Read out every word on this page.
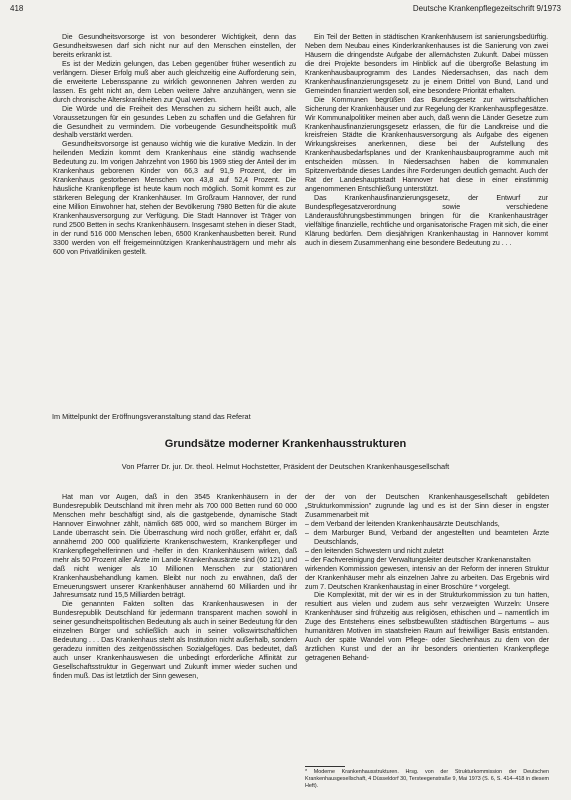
418	Deutsche Krankenpflegezeitschrift 9/1973

Die Gesundheitsvorsorge ist von besonderer Wichtigkeit, denn das Gesundheitswesen darf sich nicht nur auf den Menschen einstellen, der bereits erkrankt ist.

Es ist der Medizin gelungen, das Leben gegenüber früher wesentlich zu verlängern. Dieser Erfolg muß aber auch gleichzeitig eine Aufforderung sein, die erweiterte Lebensspanne zu wirklich gewonnenen Jahren werden zu lassen. Es geht nicht an, dem Leben weitere Jahre anzuhängen, wenn sie durch chronische Alterskrankheiten zur Qual werden.

Die Würde und die Freiheit des Menschen zu sichern heißt auch, alle Voraussetzungen für ein gesundes Leben zu schaffen und die Gefahren für die Gesundheit zu vermindern. Die vorbeugende Gesundheitspolitik muß deshalb verstärkt werden.

Gesundheitsvorsorge ist genauso wichtig wie die kurative Medizin. In der heilenden Medizin kommt dem Krankenhaus eine ständig wachsende Bedeutung zu. Im vorigen Jahrzehnt von 1960 bis 1969 stieg der Anteil der im Krankenhaus geborenen Kinder von 66,3 auf 91,9 Prozent, der im Krankenhaus gestorbenen Menschen von 43,8 auf 52,4 Prozent. Die häusliche Krankenpflege ist heute kaum noch möglich. Somit kommt es zur stärkeren Belegung der Krankenhäuser. Im Großraum Hannover, der rund eine Million Einwohner hat, stehen der Bevölkerung 7980 Betten für die akute Krankenhausversorgung zur Verfügung. Die Stadt Hannover ist Träger von rund 2500 Betten in sechs Krankenhäusern. Insgesamt stehen in dieser Stadt, in der rund 516 000 Menschen leben, 6500 Krankenhausbetten bereit. Rund 3300 werden von elf freigemeinnützigen Krankenhausträgern und mehr als 600 von Privatkliniken gestellt.

Ein Teil der Betten in städtischen Krankenhäusern ist sanierungsbedürftig. Neben dem Neubau eines Kinderkrankenhauses ist die Sanierung von zwei Häusern die dringendste Aufgabe der allernächsten Zukunft. Dabei müssen die drei Projekte besonders im Hinblick auf die übergroße Belastung im Krankenhausbauprogramm des Landes Niedersachsen, das nach dem Krankenhausfinanzierungsgesetz zu je einem Drittel von Bund, Land und Gemeinden finanziert werden soll, eine besondere Priorität erhalten.

Die Kommunen begrüßen das Bundesgesetz zur wirtschaftlichen Sicherung der Krankenhäuser und zur Regelung der Krankenhauspflegesätze. Wir Kommunalpolitiker meinen aber auch, daß wenn die Länder Gesetze zum Krankenhausfinanzierungsgesetz erlassen, die für die Landkreise und die kreisfreien Städte die Krankenhausversorgung als Aufgabe des eigenen Wirkungskreises anerkennen, diese bei der Aufstellung des Krankenhausbedarfsplanes und der Krankenhausbauprogramme auch mit entscheiden müssen. In Niedersachsen haben die kommunalen Spitzenverbände dieses Landes ihre Forderungen deutlich gemacht. Auch der Rat der Landeshauptstadt Hannover hat diese in einer einstimmig angenommenen Entschließung unterstützt.

Das Krankenhausfinanzierungsgesetz, der Entwurf zur Bundespflegesatzverordnung sowie verschiedene Länderausführungsbestimmungen bringen für die Krankenhausträger vielfältige finanzielle, rechtliche und organisatorische Fragen mit sich, die einer Klärung bedürfen. Dem diesjährigen Krankenhaustag in Hannover kommt auch in diesem Zusammenhang eine besondere Bedeutung zu . . .

Im Mittelpunkt der Eröffnungsveranstaltung stand das Referat
Grundsätze moderner Krankenhausstrukturen
Von Pfarrer Dr. jur. Dr. theol. Helmut Hochstetter, Präsident der Deutschen Krankenhausgesellschaft

Hat man vor Augen, daß in den 3545 Krankenhäusern in der Bundesrepublik Deutschland mit ihren mehr als 700 000 Betten rund 60 000 Menschen mehr beschäftigt sind, als die gastgebende, dynamische Stadt Hannover Einwohner zählt, nämlich 685 000, wird so manchem Bürger im Lande überrascht sein. Die Überraschung wird noch größer, erfährt er, daß annähernd 200 000 qualifizierte Krankenschwestern, Krankenpfleger und Krankenpflegehelferinnen und -helfer in den Krankenhäusern wirken, daß mehr als 50 Prozent aller Ärzte im Lande Krankenhausärzte sind (60 121) und daß nicht weniger als 10 Millionen Menschen zur stationären Krankenhausbehandlung kamen. Bleibt nur noch zu erwähnen, daß der Erneuerungswert unserer Krankenhäuser annähernd 60 Milliarden und ihr Jahresumsatz rund 15,5 Milliarden beträgt.

Die genannten Fakten sollten das Krankenhauswesen in der Bundesrepublik Deutschland für jedermann transparent machen sowohl in seiner gesundheitspolitischen Bedeutung als auch in seiner Bedeutung für den einzelnen Bürger und schließlich auch in seiner volkswirtschaftlichen Bedeutung . . . Das Krankenhaus steht als Institution nicht außerhalb, sondern geradezu inmitten des zeitgenössischen Sozialgefüges. Das bedeutet, daß auch unser Krankenhauswesen die unbedingt erforderliche Affinität zur Gesellschaftsstruktur in Gegenwart und Zukunft immer wieder suchen und finden muß. Das ist letztlich der Sinn gewesen,

der der von der Deutschen Krankenhausgesellschaft gebildeten „Strukturkommission" zugrunde lag und es ist der Sinn dieser in engster Zusammenarbeit mit

– dem Verband der leitenden Krankenhausärzte Deutschlands,

– dem Marburger Bund, Verband der angestellten und beamteten Ärzte Deutschlands,

– den leitenden Schwestern und nicht zuletzt

– der Fachvereinigung der Verwaltungsleiter deutscher Krankenanstalten

wirkenden Kommission gewesen, intensiv an der Reform der inneren Struktur der Krankenhäuser mehr als einzelnen Jahre zu arbeiten. Das Ergebnis wird zum 7. Deutschen Krankenhaustag in einer Broschüre * vorgelegt.

Die Komplexität, mit der wir es in der Strukturkommission zu tun hatten, resultiert aus vielen und zudem aus sehr verzweigten Wurzeln: Unsere Krankenhäuser sind frühzeitig aus religiösen, ethischen und – namentlich im Zuge des Entstehens eines selbstbewußten städtischen Bürgertums – aus humanitären Motiven im staatsfreien Raum auf freiwilliger Basis entstanden. Auch der späte Wandel vom Pflege- oder Siechenhaus zu dem von der ärztlichen Kunst und der an ihr besonders orientierten Krankenpflege getragenen Behand-

* Moderne Krankenhausstrukturen. Hrsg. von der Strukturkommission der Deutschen Krankenhausgesellschaft, 4 Düsseldorf 30, Tersteegenstraße 9, Mai 1973 (S. 6, S. 414–418 in diesem Heft).
